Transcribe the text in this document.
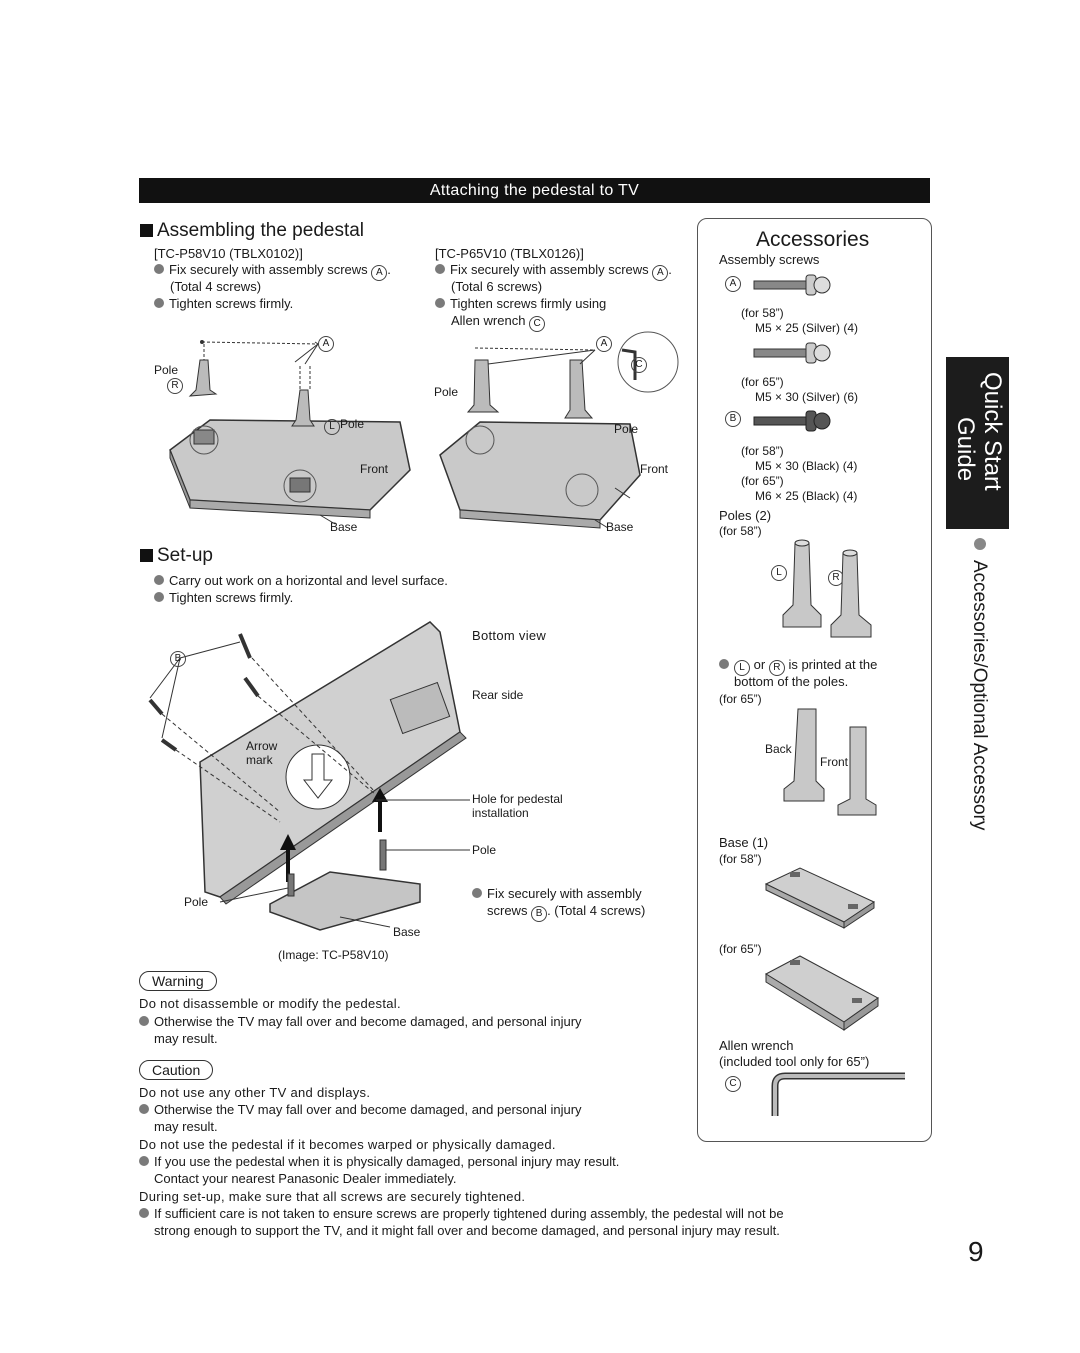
Attaching the pedestal to TV
Assembling the pedestal
[TC-P58V10 (TBLX0102)]
Fix securely with assembly screws A .
(Total 4 screws)
Tighten screws firmly.
[TC-P65V10 (TBLX0126)]
Fix securely with assembly screws A .
(Total 6 screws)
Tighten screws firmly using
Allen wrench C
Pole
R
A
L Pole
Front
Base
Pole
A
C
Pole
Front
Base
Set-up
Carry out work on a horizontal and level surface.
Tighten screws firmly.
Bottom view
Rear side
B
Arrow
mark
Hole for pedestal
installation
Pole
Pole
Base
(Image: TC-P58V10)
Fix securely with assembly
screws B . (Total 4 screws)
Warning
Do not disassemble or modify the pedestal.
Otherwise the TV may fall over and become damaged, and personal injury
may result.
Caution
Do not use any other TV and displays.
Otherwise the TV may fall over and become damaged, and personal injury
may result.
Do not use the pedestal if it becomes warped or physically damaged.
If you use the pedestal when it is physically damaged, personal injury may result.
Contact your nearest Panasonic Dealer immediately.
During set-up, make sure that all screws are securely tightened.
If sufficient care is not taken to ensure screws are properly tightened during assembly, the pedestal will not be
strong enough to support the TV, and it might fall over and become damaged, and personal injury may result.
Accessories
Assembly screws
A
(for 58”)
M5 × 25 (Silver) (4)
(for 65”)
M5 × 30 (Silver) (6)
B
(for 58”)
M5 × 30 (Black) (4)
(for 65”)
M6 × 25 (Black) (4)
Poles (2)
(for 58”)
L	R
L or R is printed at the
bottom of the poles.
(for 65”)
Back
Front
Base (1)
(for 58”)
(for 65”)
Allen wrench
(included tool only for 65”)
C
Quick Start
Guide
Accessories/Optional Accessory
9
